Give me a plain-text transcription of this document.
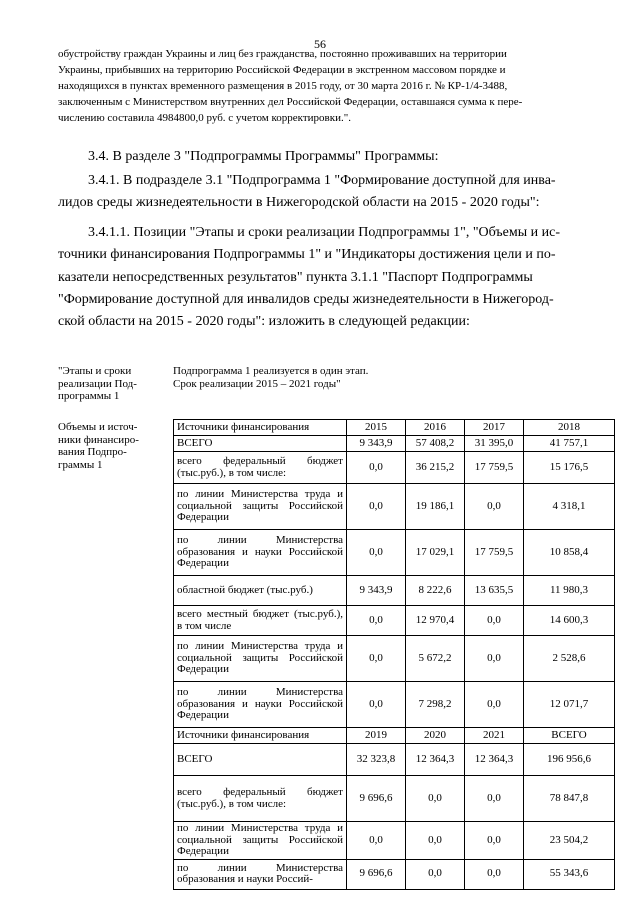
56
обустройству граждан Украины и лиц без гражданства, постоянно проживавших на территории
Украины, прибывших на территорию Российской Федерации в экстренном массовом порядке и
находящихся в пунктах временного размещения в 2015 году, от 30 марта 2016 г. № КР-1/4-3488,
заключенным с Министерством внутренних дел Российской Федерации, оставшаяся сумма к пере-
числению составила 4984800,0 руб. с учетом корректировки.".
3.4. В разделе 3 "Подпрограммы Программы" Программы:
3.4.1. В подразделе 3.1 "Подпрограмма 1 "Формирование доступной для инва-
лидов среды жизнедеятельности в Нижегородской области на 2015 - 2020 годы":
3.4.1.1. Позиции "Этапы и сроки реализации Подпрограммы 1", "Объемы и ис-
точники финансирования Подпрограммы 1" и "Индикаторы достижения цели и по-
казатели непосредственных результатов" пункта 3.1.1 "Паспорт Подпрограммы
"Формирование доступной для инвалидов среды жизнедеятельности в Нижегород-
ской области на 2015 - 2020 годы": изложить в следующей редакции:
"Этапы и сроки
реализации Под-
программы 1
Подпрограмма 1 реализуется в один этап.
Срок реализации 2015 – 2021 годы"
Объемы и источ-
ники финансиро-
вания Подпро-
граммы 1
Источники финансирования	2015	2016	2017	2018
ВСЕГО	9 343,9	57 408,2	31 395,0	41 757,1
всего федеральный бюджет (тыс.руб.), в том числе:	0,0	36 215,2	17 759,5	15 176,5
по линии Министерства труда и социальной защиты Российской Федерации	0,0	19 186,1	0,0	4 318,1
по линии Министерства образования и науки Российской Федерации	0,0	17 029,1	17 759,5	10 858,4
областной бюджет (тыс.руб.)	9 343,9	8 222,6	13 635,5	11 980,3
всего местный бюджет (тыс.руб.), в том числе	0,0	12 970,4	0,0	14 600,3
по линии Министерства труда и социальной защиты Российской Федерации	0,0	5 672,2	0,0	2 528,6
по линии Министерства образования и науки Российской Федерации	0,0	7 298,2	0,0	12 071,7
Источники финансирования	2019	2020	2021	ВСЕГО
ВСЕГО	32 323,8	12 364,3	12 364,3	196 956,6
всего федеральный бюджет (тыс.руб.), в том числе:	9 696,6	0,0	0,0	78 847,8
по линии Министерства труда и социальной защиты Российской Федерации	0,0	0,0	0,0	23 504,2
по линии Министерства образования и науки Россий-	9 696,6	0,0	0,0	55 343,6
